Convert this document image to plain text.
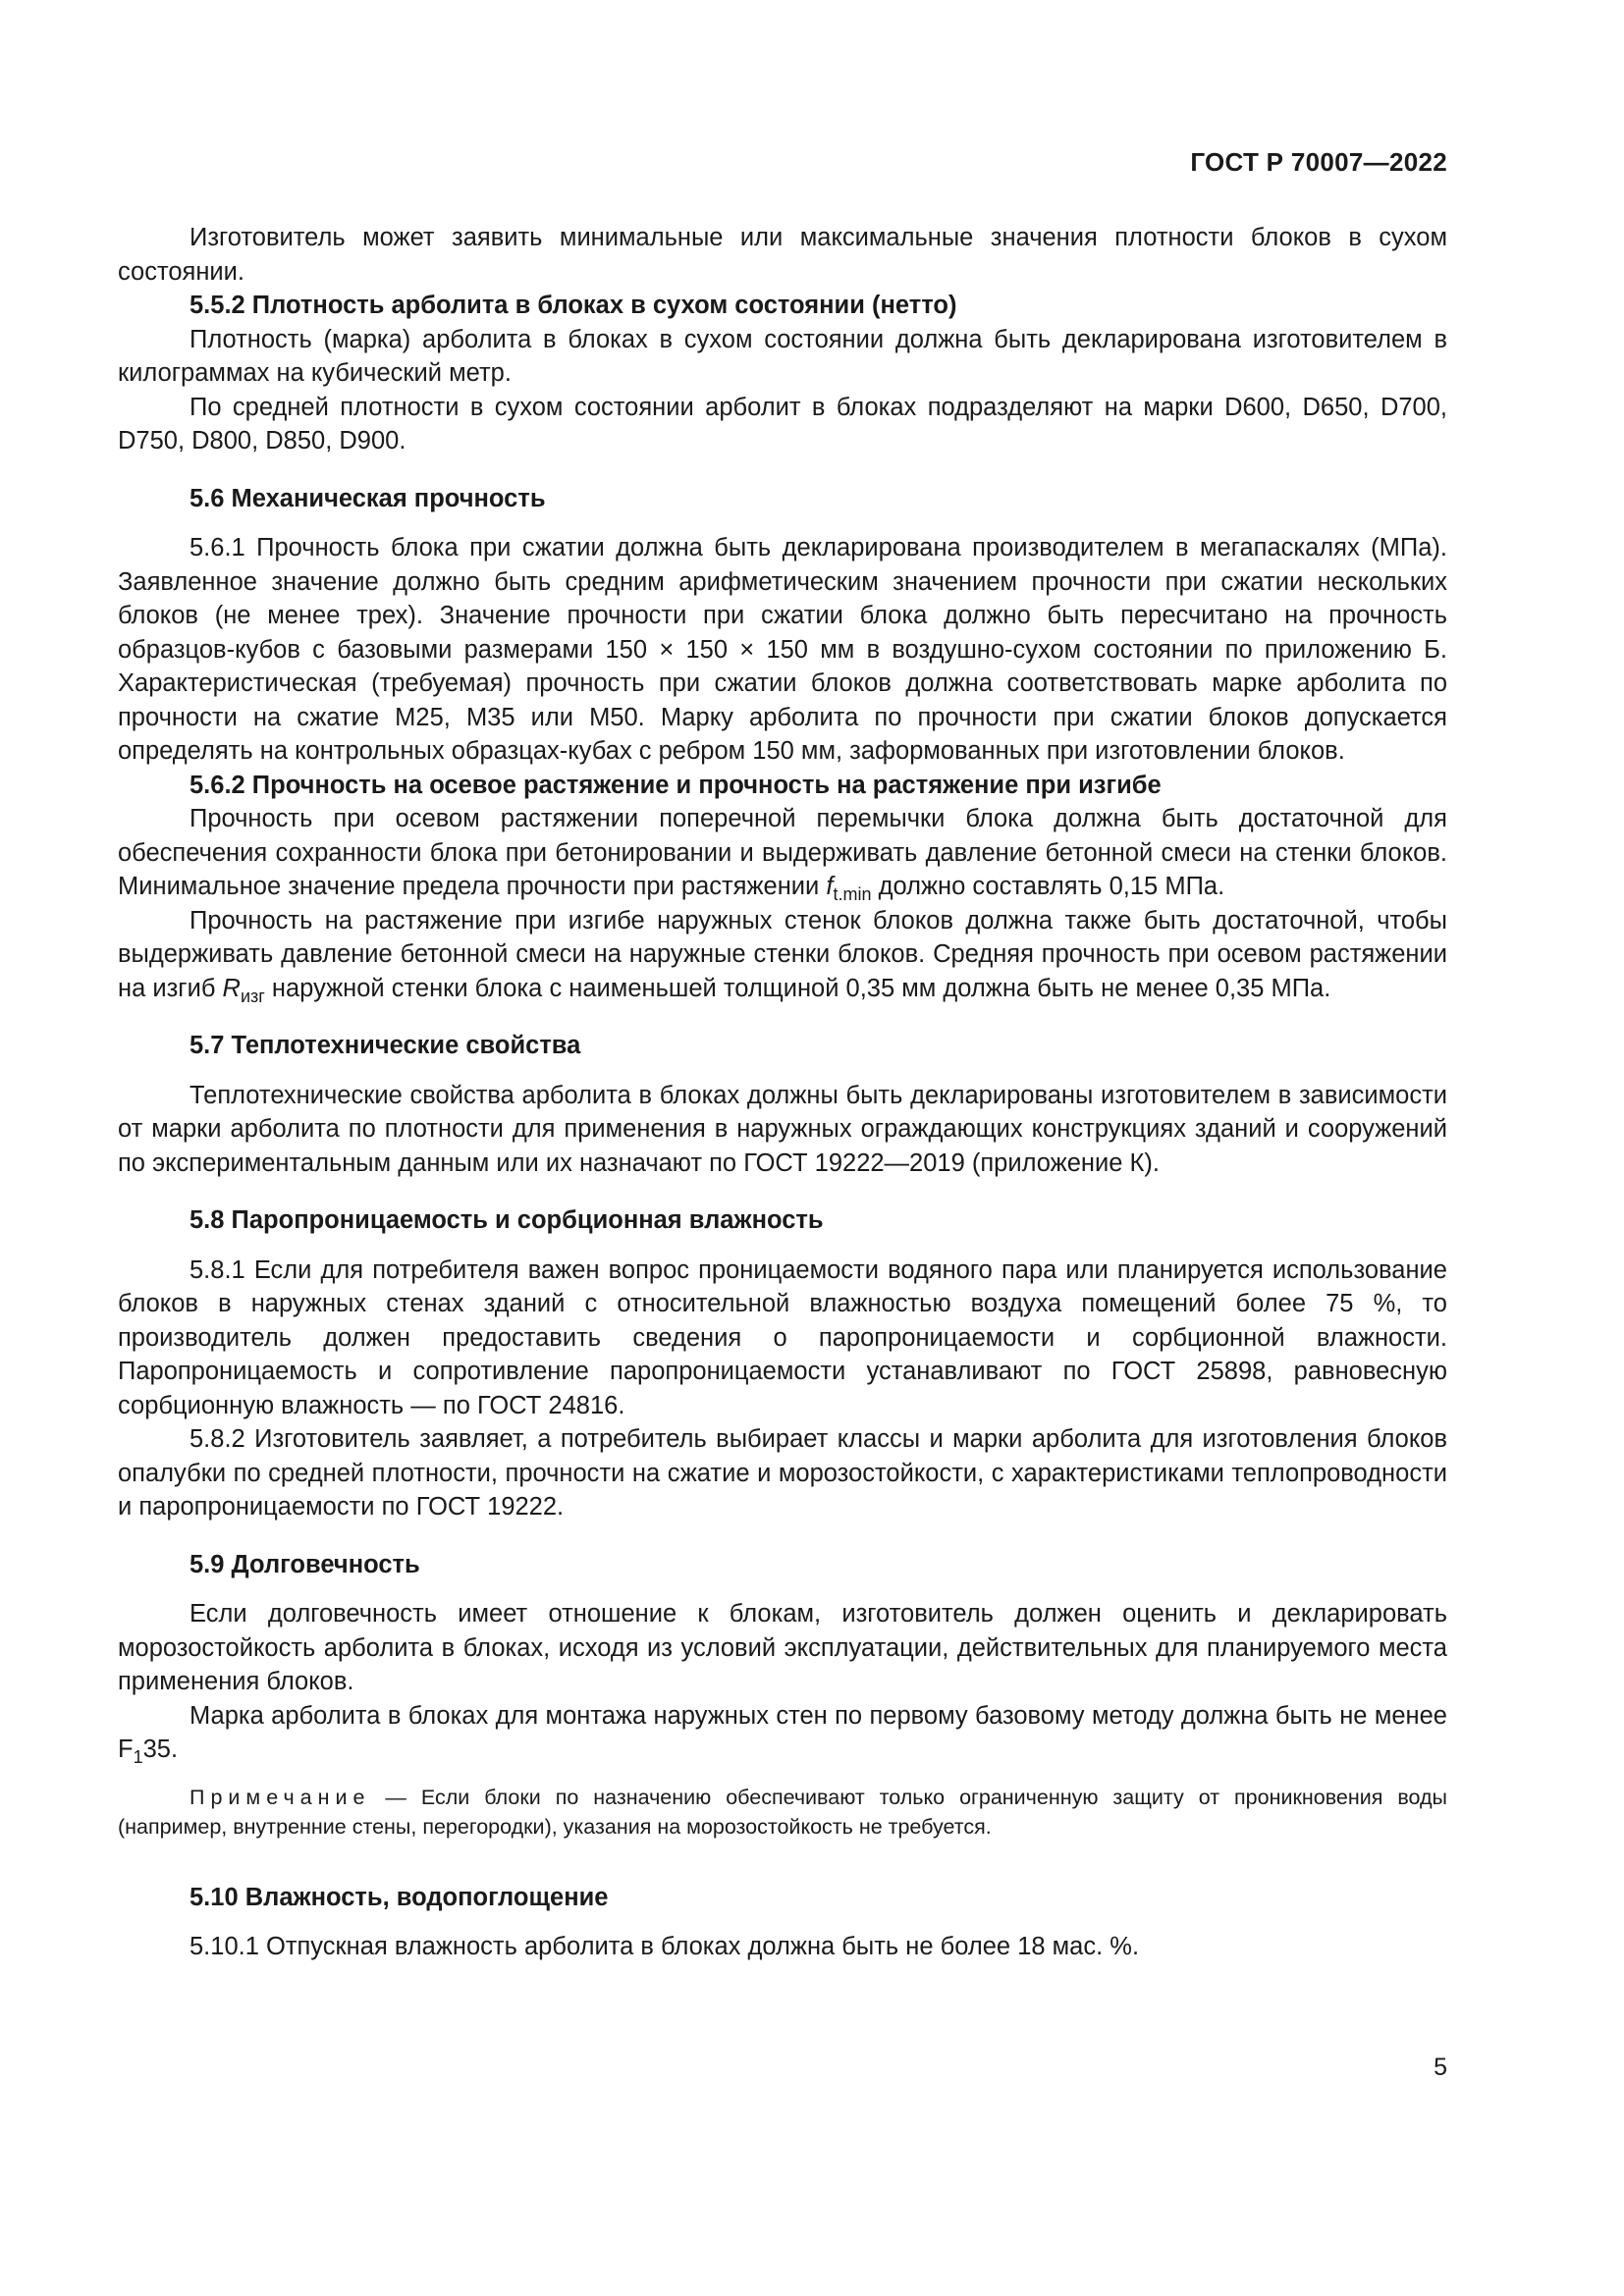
ГОСТ Р 70007—2022

Изготовитель может заявить минимальные или максимальные значения плотности блоков в сухом состоянии.

5.5.2 Плотность арболита в блоках в сухом состоянии (нетто)

Плотность (марка) арболита в блоках в сухом состоянии должна быть декларирована изготовителем в килограммах на кубический метр.

По средней плотности в сухом состоянии арболит в блоках подразделяют на марки D600, D650, D700, D750, D800, D850, D900.

5.6 Механическая прочность

5.6.1 Прочность блока при сжатии должна быть декларирована производителем в мегапаскалях (МПа). Заявленное значение должно быть средним арифметическим значением прочности при сжатии нескольких блоков (не менее трех). Значение прочности при сжатии блока должно быть пересчитано на прочность образцов-кубов с базовыми размерами 150 × 150 × 150 мм в воздушно-сухом состоянии по приложению Б. Характеристическая (требуемая) прочность при сжатии блоков должна соответствовать марке арболита по прочности на сжатие М25, М35 или М50. Марку арболита по прочности при сжатии блоков допускается определять на контрольных образцах-кубах с ребром 150 мм, заформованных при изготовлении блоков.

5.6.2 Прочность на осевое растяжение и прочность на растяжение при изгибе

Прочность при осевом растяжении поперечной перемычки блока должна быть достаточной для обеспечения сохранности блока при бетонировании и выдерживать давление бетонной смеси на стенки блоков. Минимальное значение предела прочности при растяжении $f_{t.min}$ должно составлять 0,15 МПа.

Прочность на растяжение при изгибе наружных стенок блоков должна также быть достаточной, чтобы выдерживать давление бетонной смеси на наружные стенки блоков. Средняя прочность при осевом растяжении на изгиб $R_{изг}$ наружной стенки блока с наименьшей толщиной 0,35 мм должна быть не менее 0,35 МПа.

5.7 Теплотехнические свойства

Теплотехнические свойства арболита в блоках должны быть декларированы изготовителем в зависимости от марки арболита по плотности для применения в наружных ограждающих конструкциях зданий и сооружений по экспериментальным данным или их назначают по ГОСТ 19222—2019 (приложение К).

5.8 Паропроницаемость и сорбционная влажность

5.8.1 Если для потребителя важен вопрос проницаемости водяного пара или планируется использование блоков в наружных стенах зданий с относительной влажностью воздуха помещений более 75 %, то производитель должен предоставить сведения о паропроницаемости и сорбционной влажности. Паропроницаемость и сопротивление паропроницаемости устанавливают по ГОСТ 25898, равновесную сорбционную влажность — по ГОСТ 24816.

5.8.2 Изготовитель заявляет, а потребитель выбирает классы и марки арболита для изготовления блоков опалубки по средней плотности, прочности на сжатие и морозостойкости, с характеристиками теплопроводности и паропроницаемости по ГОСТ 19222.

5.9 Долговечность

Если долговечность имеет отношение к блокам, изготовитель должен оценить и декларировать морозостойкость арболита в блоках, исходя из условий эксплуатации, действительных для планируемого места применения блоков.

Марка арболита в блоках для монтажа наружных стен по первому базовому методу должна быть не менее $F_135$.

Примечание — Если блоки по назначению обеспечивают только ограниченную защиту от проникновения воды (например, внутренние стены, перегородки), указания на морозостойкость не требуется.

5.10 Влажность, водопоглощение

5.10.1 Отпускная влажность арболита в блоках должна быть не более 18 мас. %.

5
